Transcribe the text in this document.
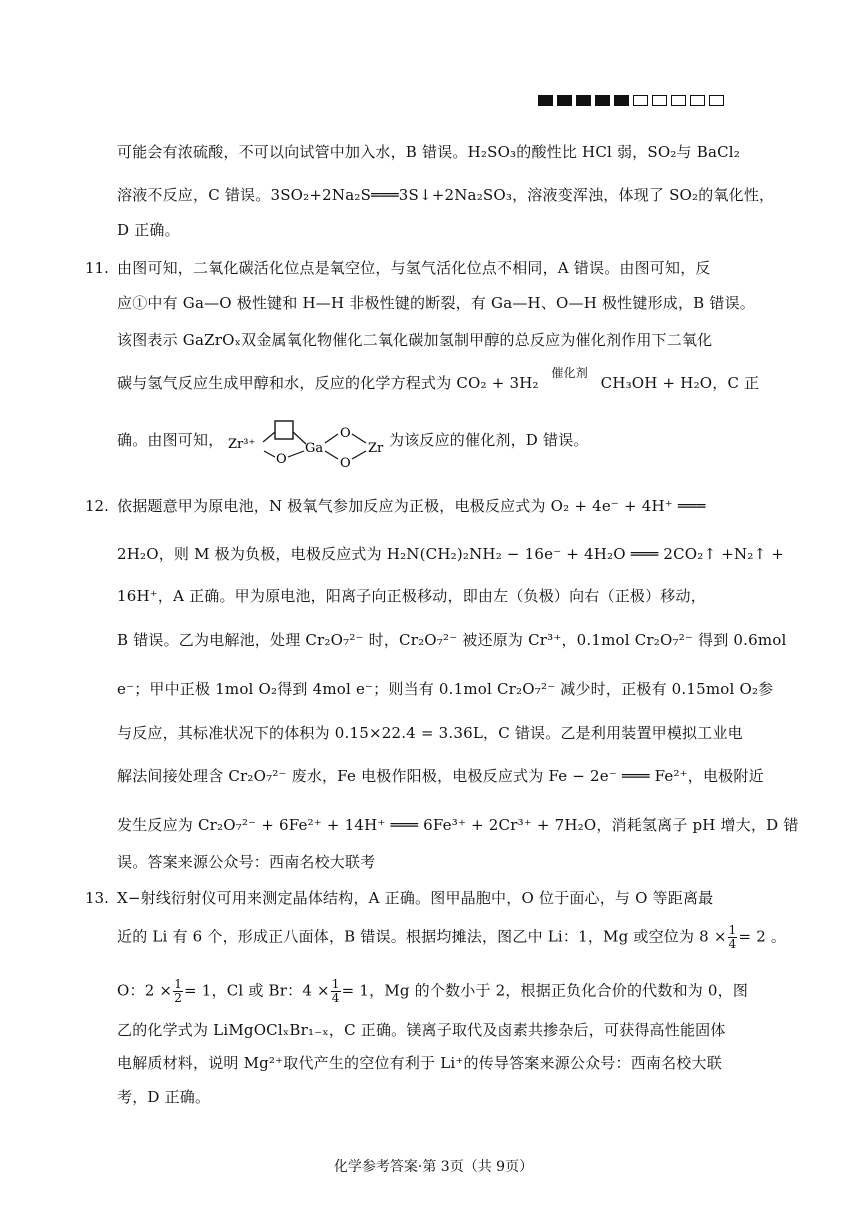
可能会有浓硫酸，不可以向试管中加入水，B 错误。H₂SO₃的酸性比 HCl 弱，SO₂与 BaCl₂
溶液不反应，C 错误。3SO₂+2Na₂S═══3S↓+2Na₂SO₃，溶液变浑浊，体现了 SO₂的氧化性，
D 正确。
11. 由图可知，二氧化碳活化位点是氧空位，与氢气活化位点不相同，A 错误。由图可知，反
应①中有 Ga—O 极性键和 H—H 非极性键的断裂，有 Ga—H、O—H 极性键形成，B 错误。
该图表示 GaZrOₓ双金属氧化物催化二氧化碳加氢制甲醇的总反应为催化剂作用下二氧化
碳与氢气反应生成甲醇和水，反应的化学方程式为 CO₂ + 3H₂
催化剂
CH₃OH + H₂O，C 正
确。由图可知， Zr³⁺
O
Ga
O
O
Zr 为该反应的催化剂，D 错误。
12. 依据题意甲为原电池，N 极氧气参加反应为正极，电极反应式为 O₂ + 4e⁻ + 4H⁺ ═══
2H₂O，则 M 极为负极，电极反应式为 H₂N(CH₂)₂NH₂ − 16e⁻ + 4H₂O ═══ 2CO₂↑ +N₂↑ +
16H⁺，A 正确。甲为原电池，阳离子向正极移动，即由左（负极）向右（正极）移动，
B 错误。乙为电解池，处理 Cr₂O₇²⁻ 时，Cr₂O₇²⁻ 被还原为 Cr³⁺，0.1mol Cr₂O₇²⁻ 得到 0.6mol
e⁻；甲中正极 1mol O₂得到 4mol e⁻；则当有 0.1mol Cr₂O₇²⁻ 减少时，正极有 0.15mol O₂参
与反应，其标准状况下的体积为 0.15×22.4 = 3.36L，C 错误。乙是利用装置甲模拟工业电
解法间接处理含 Cr₂O₇²⁻ 废水，Fe 电极作阳极，电极反应式为 Fe − 2e⁻ ═══ Fe²⁺，电极附近
发生反应为 Cr₂O₇²⁻ + 6Fe²⁺ + 14H⁺ ═══ 6Fe³⁺ + 2Cr³⁺ + 7H₂O，消耗氢离子 pH 增大，D 错
误。答案来源公众号：西南名校大联考
13. X−射线衍射仪可用来测定晶体结构，A 正确。图甲晶胞中，O 位于面心，与 O 等距离最
近的 Li 有 6 个，形成正八面体，B 错误。根据均摊法，图乙中 Li：1，Mg 或空位为 $8 \times \frac{1}{4} = 2$ 。
O：$2 \times \frac{1}{2} = 1$，Cl 或 Br：$4 \times \frac{1}{4} = 1$，Mg 的个数小于 2，根据正负化合价的代数和为 0，图
乙的化学式为 LiMgOClₓBr₁₋ₓ，C 正确。镁离子取代及卤素共掺杂后，可获得高性能固体
电解质材料，说明 Mg²⁺取代产生的空位有利于 Li⁺的传导答案来源公众号：西南名校大联
考，D 正确。
化学参考答案·第 3页（共 9页）
